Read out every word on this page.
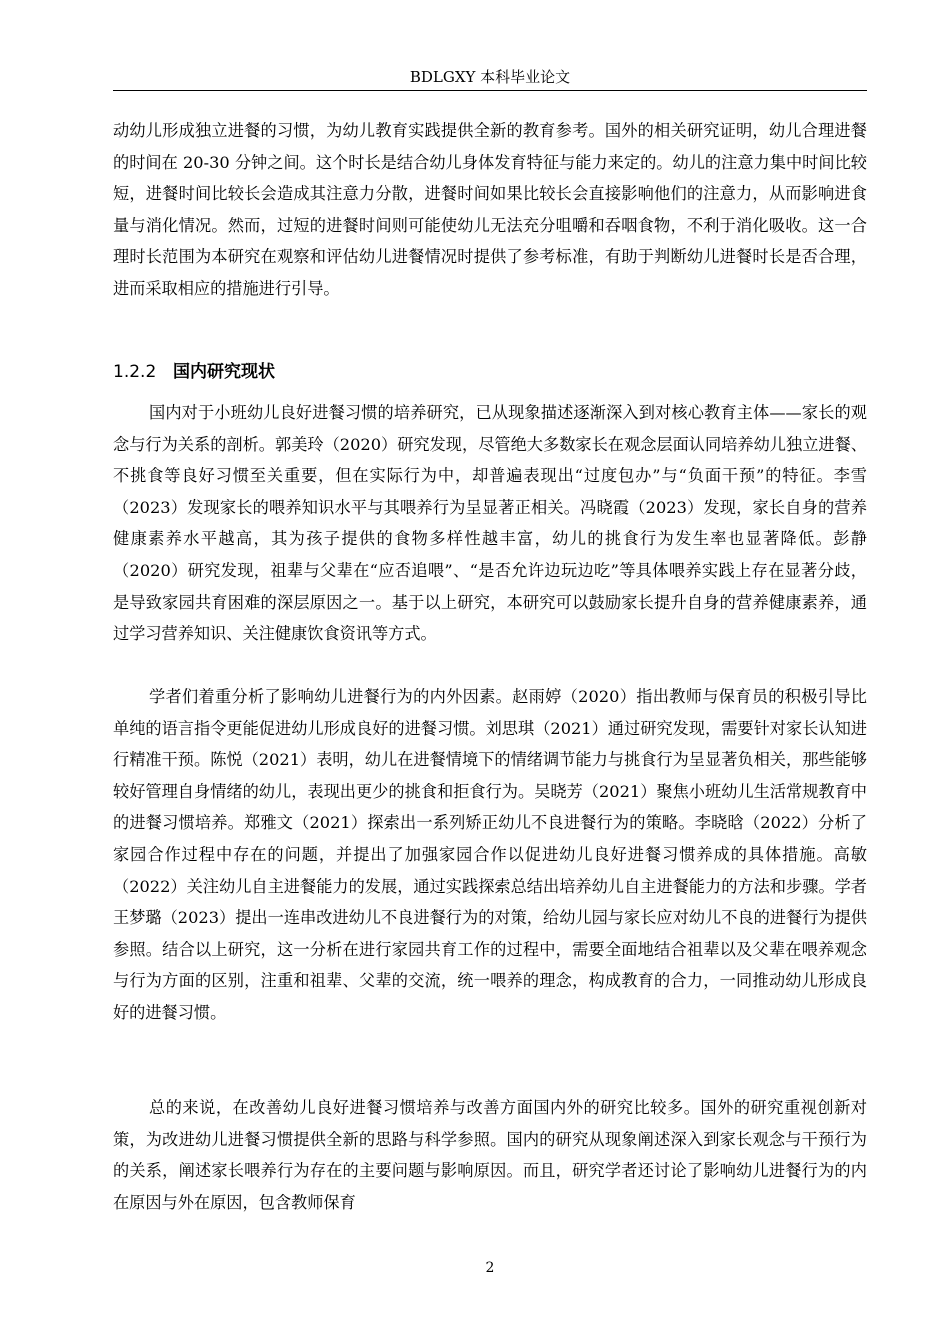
BDLGXY 本科毕业论文
动幼儿形成独立进餐的习惯，为幼儿教育实践提供全新的教育参考。国外的相关研究证明，幼儿合理进餐的时间在 20-30 分钟之间。这个时长是结合幼儿身体发育特征与能力来定的。幼儿的注意力集中时间比较短，进餐时间比较长会造成其注意力分散，进餐时间如果比较长会直接影响他们的注意力，从而影响进食量与消化情况。然而，过短的进餐时间则可能使幼儿无法充分咀嚼和吞咽食物，不利于消化吸收。这一合理时长范围为本研究在观察和评估幼儿进餐情况时提供了参考标准，有助于判断幼儿进餐时长是否合理，进而采取相应的措施进行引导。
1.2.2 国内研究现状
国内对于小班幼儿良好进餐习惯的培养研究，已从现象描述逐渐深入到对核心教育主体——家长的观念与行为关系的剖析。郭美玲（2020）研究发现，尽管绝大多数家长在观念层面认同培养幼儿独立进餐、不挑食等良好习惯至关重要，但在实际行为中，却普遍表现出“过度包办”与“负面干预”的特征。李雪（2023）发现家长的喂养知识水平与其喂养行为呈显著正相关。冯晓霞（2023）发现，家长自身的营养健康素养水平越高，其为孩子提供的食物多样性越丰富，幼儿的挑食行为发生率也显著降低。彭静（2020）研究发现，祖辈与父辈在“应否追喂”、“是否允许边玩边吃”等具体喂养实践上存在显著分歧，是导致家园共育困难的深层原因之一。基于以上研究，本研究可以鼓励家长提升自身的营养健康素养，通过学习营养知识、关注健康饮食资讯等方式。
学者们着重分析了影响幼儿进餐行为的内外因素。赵雨婷（2020）指出教师与保育员的积极引导比单纯的语言指令更能促进幼儿形成良好的进餐习惯。刘思琪（2021）通过研究发现，需要针对家长认知进行精准干预。陈悦（2021）表明，幼儿在进餐情境下的情绪调节能力与挑食行为呈显著负相关，那些能够较好管理自身情绪的幼儿，表现出更少的挑食和拒食行为。吴晓芳（2021）聚焦小班幼儿生活常规教育中的进餐习惯培养。郑雅文（2021）探索出一系列矫正幼儿不良进餐行为的策略。李晓晗（2022）分析了家园合作过程中存在的问题，并提出了加强家园合作以促进幼儿良好进餐习惯养成的具体措施。高敏（2022）关注幼儿自主进餐能力的发展，通过实践探索总结出培养幼儿自主进餐能力的方法和步骤。学者王梦璐（2023）提出一连串改进幼儿不良进餐行为的对策，给幼儿园与家长应对幼儿不良的进餐行为提供参照。结合以上研究，这一分析在进行家园共育工作的过程中，需要全面地结合祖辈以及父辈在喂养观念与行为方面的区别，注重和祖辈、父辈的交流，统一喂养的理念，构成教育的合力，一同推动幼儿形成良好的进餐习惯。
总的来说，在改善幼儿良好进餐习惯培养与改善方面国内外的研究比较多。国外的研究重视创新对策，为改进幼儿进餐习惯提供全新的思路与科学参照。国内的研究从现象阐述深入到家长观念与干预行为的关系，阐述家长喂养行为存在的主要问题与影响原因。而且，研究学者还讨论了影响幼儿进餐行为的内在原因与外在原因，包含教师保育
2
